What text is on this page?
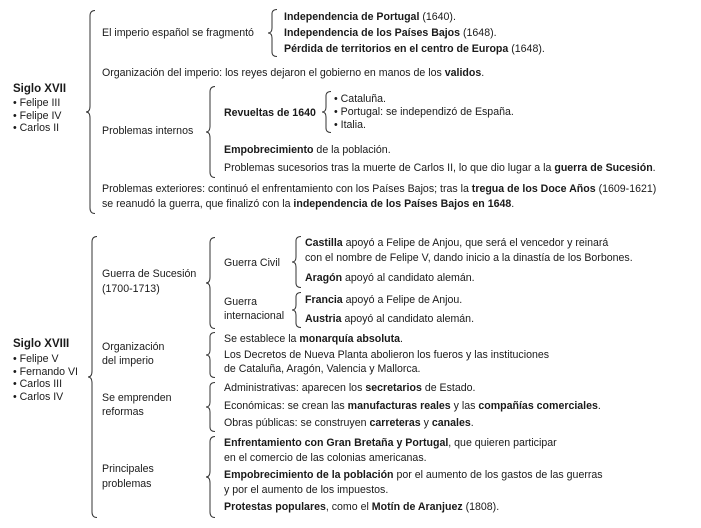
Siglo XVII
• Felipe III
• Felipe IV
• Carlos II
El imperio español se fragmentó
Independencia de Portugal (1640).
Independencia de los Países Bajos (1648).
Pérdida de territorios en el centro de Europa (1648).
Organización del imperio: los reyes dejaron el gobierno en manos de los validos.
Problemas internos
Revueltas de 1640
• Cataluña.
• Portugal: se independizó de España.
• Italia.
Empobrecimiento de la población.
Problemas sucesorios tras la muerte de Carlos II, lo que dio lugar a la guerra de Sucesión.
Problemas exteriores: continuó el enfrentamiento con los Países Bajos; tras la tregua de los Doce Años (1609-1621)
se reanudó la guerra, que finalizó con la independencia de los Países Bajos en 1648.
Siglo XVIII
• Felipe V
• Fernando VI
• Carlos III
• Carlos IV
Guerra de Sucesión
(1700-1713)
Guerra Civil
Castilla apoyó a Felipe de Anjou, que será el vencedor y reinará
con el nombre de Felipe V, dando inicio a la dinastía de los Borbones.
Aragón apoyó al candidato alemán.
Guerra
internacional
Francia apoyó a Felipe de Anjou.
Austria apoyó al candidato alemán.
Organización
del imperio
Se establece la monarquía absoluta.
Los Decretos de Nueva Planta abolieron los fueros y las instituciones
de Cataluña, Aragón, Valencia y Mallorca.
Se emprenden
reformas
Administrativas: aparecen los secretarios de Estado.
Económicas: se crean las manufacturas reales y las compañías comerciales.
Obras públicas: se construyen carreteras y canales.
Principales
problemas
Enfrentamiento con Gran Bretaña y Portugal, que quieren participar
en el comercio de las colonias americanas.
Empobrecimiento de la población por el aumento de los gastos de las guerras
y por el aumento de los impuestos.
Protestas populares, como el Motín de Aranjuez (1808).
